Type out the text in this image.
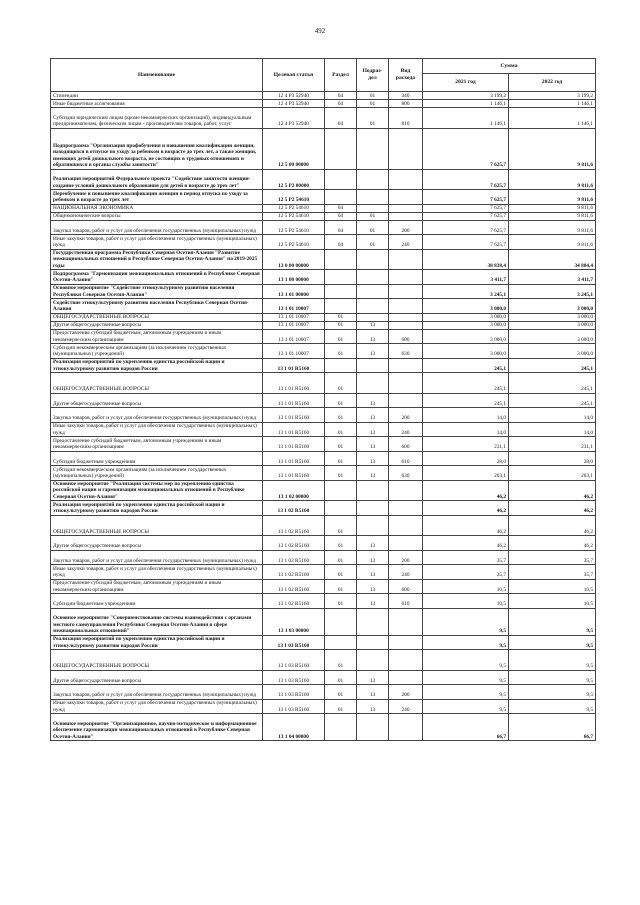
492
Наименование	Целевая статья	Раздел	Подраз-дел	Вид расхода	Сумма	
					2021 год	2022 год
Стипендии	12 4 P3 52940	04	01	340	3 199,2	3 199,2
Иные бюджетные ассигнования	12 4 P3 52940	04	01	800	1 146,1	1 146,1
Субсидии юридическим лицам (кроме некоммерческих организаций), индивидуальным предпринимателям, физическим лицам - производителям товаров, работ, услуг	12 4 P3 52940	04	01	810	1 146,1	1 146,1
Подпрограмма "Организация профобучения и повышения квалификации женщин, находящихся в отпуске по уходу за ребенком в возрасте до трех лет, а также женщин, имеющих детей дошкольного возраста, не состоящих в трудовых отношениях и обратившихся в органы службы занятости"	12 5 00 00000				7 625,7	9 811,6
Реализация мероприятий Федерального проекта "Содействие занятости женщин-создание условий дошкольного образования для детей в возрасте до трех лет"	12 5 P2 00000				7 625,7	9 811,6
Переобучение и повышение квалификации женщин в период отпуска по уходу за ребенком в возрасте до трех лет	12 5 P2 54610				7 625,7	9 811,6
НАЦИОНАЛЬНАЯ ЭКОНОМИКА	12 5 P2 54610	04			7 625,7	9 811,6
Общеэкономические вопросы	12 5 P2 54610	04	01		7 625,7	9 811,6
Закупка товаров, работ и услуг для обеспечения государственных (муниципальных) нужд	12 5 P2 54610	04	01	200	7 625,7	9 811,6
Иные закупки товаров, работ и услуг для обеспечения государственных (муниципальных) нужд	12 5 P2 54610	04	01	240	7 625,7	9 811,6
Государственная программа Республики Северная Осетия-Алания "Развитие межнациональных отношений в Республике Северная Осетия-Алания" на 2019-2025 годы	13 0 00 00000				38 838,4	34 884,4
Подпрограмма "Гармонизация межнациональных отношений в Республике Северная Осетия-Алания"	13 1 00 00000				3 411,7	3 411,7
Основное мероприятие "Содействие этнокультурному развитию населения Республики Северная Осетия-Алания"	13 1 01 00000				3 245,1	3 245,1
Содействие этнокультурному развитию населения Республики Северная Осетия-Алания	13 1 01 10007				3 000,0	3 000,0
ОБЩЕГОСУДАРСТВЕННЫЕ ВОПРОСЫ	13 1 01 10007	01			3 000,0	3 000,0
Другие общегосударственные вопросы	13 1 01 10007	01	13		3 000,0	3 000,0
Предоставление субсидий бюджетным, автономным учреждениям и иным некоммерческим организациям	13 1 01 10007	01	13	600	3 000,0	3 000,0
Субсидии некоммерческим организациям (за исключением государственных (муниципальных) учреждений)	13 1 01 10007	01	13	630	3 000,0	3 000,0
Реализация мероприятий по укреплению единства российской нации и этнокультурному развитию народов России	13 1 01 R5160				245,1	245,1
ОБЩЕГОСУДАРСТВЕННЫЕ ВОПРОСЫ	13 1 01 R5160	01			245,1	245,1
Другие общегосударственные вопросы	13 1 01 R5160	01	13		245,1	245,1
Закупка товаров, работ и услуг для обеспечения государственных (муниципальных) нужд	13 1 01 R5160	01	13	200	14,0	14,0
Иные закупки товаров, работ и услуг для обеспечения государственных (муниципальных) нужд	13 1 01 R5160	01	13	240	14,0	14,0
Предоставление субсидий бюджетным, автономным учреждениям и иным некоммерческим организациям	13 1 01 R5160	01	13	600	231,1	231,1
Субсидии бюджетным учреждениям	13 1 01 R5160	01	13	610	28,0	28,0
Субсидии некоммерческим организациям (за исключением государственных (муниципальных) учреждений)	13 1 01 R5160	01	13	630	203,1	203,1
Основное мероприятие "Реализация системы мер по укреплению единства российской нации и гармонизации межнациональных отношений в Республике Северная Осетия-Алания"	13 1 02 00000				46,2	46,2
Реализация мероприятий по укреплению единства российской нации и этнокультурному развитию народов России	13 1 02 R5160				46,2	46,2
ОБЩЕГОСУДАРСТВЕННЫЕ ВОПРОСЫ	13 1 02 R5160	01			46,2	46,2
Другие общегосударственные вопросы	13 1 02 R5160	01	13		46,2	46,2
Закупка товаров, работ и услуг для обеспечения государственных (муниципальных) нужд	13 1 02 R5160	01	13	200	35,7	35,7
Иные закупки товаров, работ и услуг для обеспечения государственных (муниципальных) нужд	13 1 02 R5160	01	13	240	35,7	35,7
Предоставление субсидий бюджетным, автономным учреждениям и иным некоммерческим организациям	13 1 02 R5160	01	13	600	10,5	10,5
Субсидии бюджетным учреждениям	13 1 02 R5160	01	13	610	10,5	10,5
Основное мероприятие "Совершенствование системы взаимодействия с органами местного самоуправления Республики Северная Осетия-Алания в сфере межнациональных отношений"	13 1 03 00000				9,5	9,5
Реализация мероприятий по укреплению единства российской нации и этнокультурному развитию народов России	13 1 03 R5160				9,5	9,5
ОБЩЕГОСУДАРСТВЕННЫЕ ВОПРОСЫ	13 1 03 R5160	01			9,5	9,5
Другие общегосударственные вопросы	13 1 03 R5160	01	13		9,5	9,5
Закупка товаров, работ и услуг для обеспечения государственных (муниципальных) нужд	13 1 03 R5160	01	13	200	9,5	9,5
Иные закупки товаров, работ и услуг для обеспечения государственных (муниципальных) нужд	13 1 03 R5160	01	13	240	9,5	9,5
Основное мероприятие "Организационное, научно-методическое и информационное обеспечение гармонизации межнациональных отношений в Республике Северная Осетия-Алания"	13 1 04 00000				66,7	66,7
